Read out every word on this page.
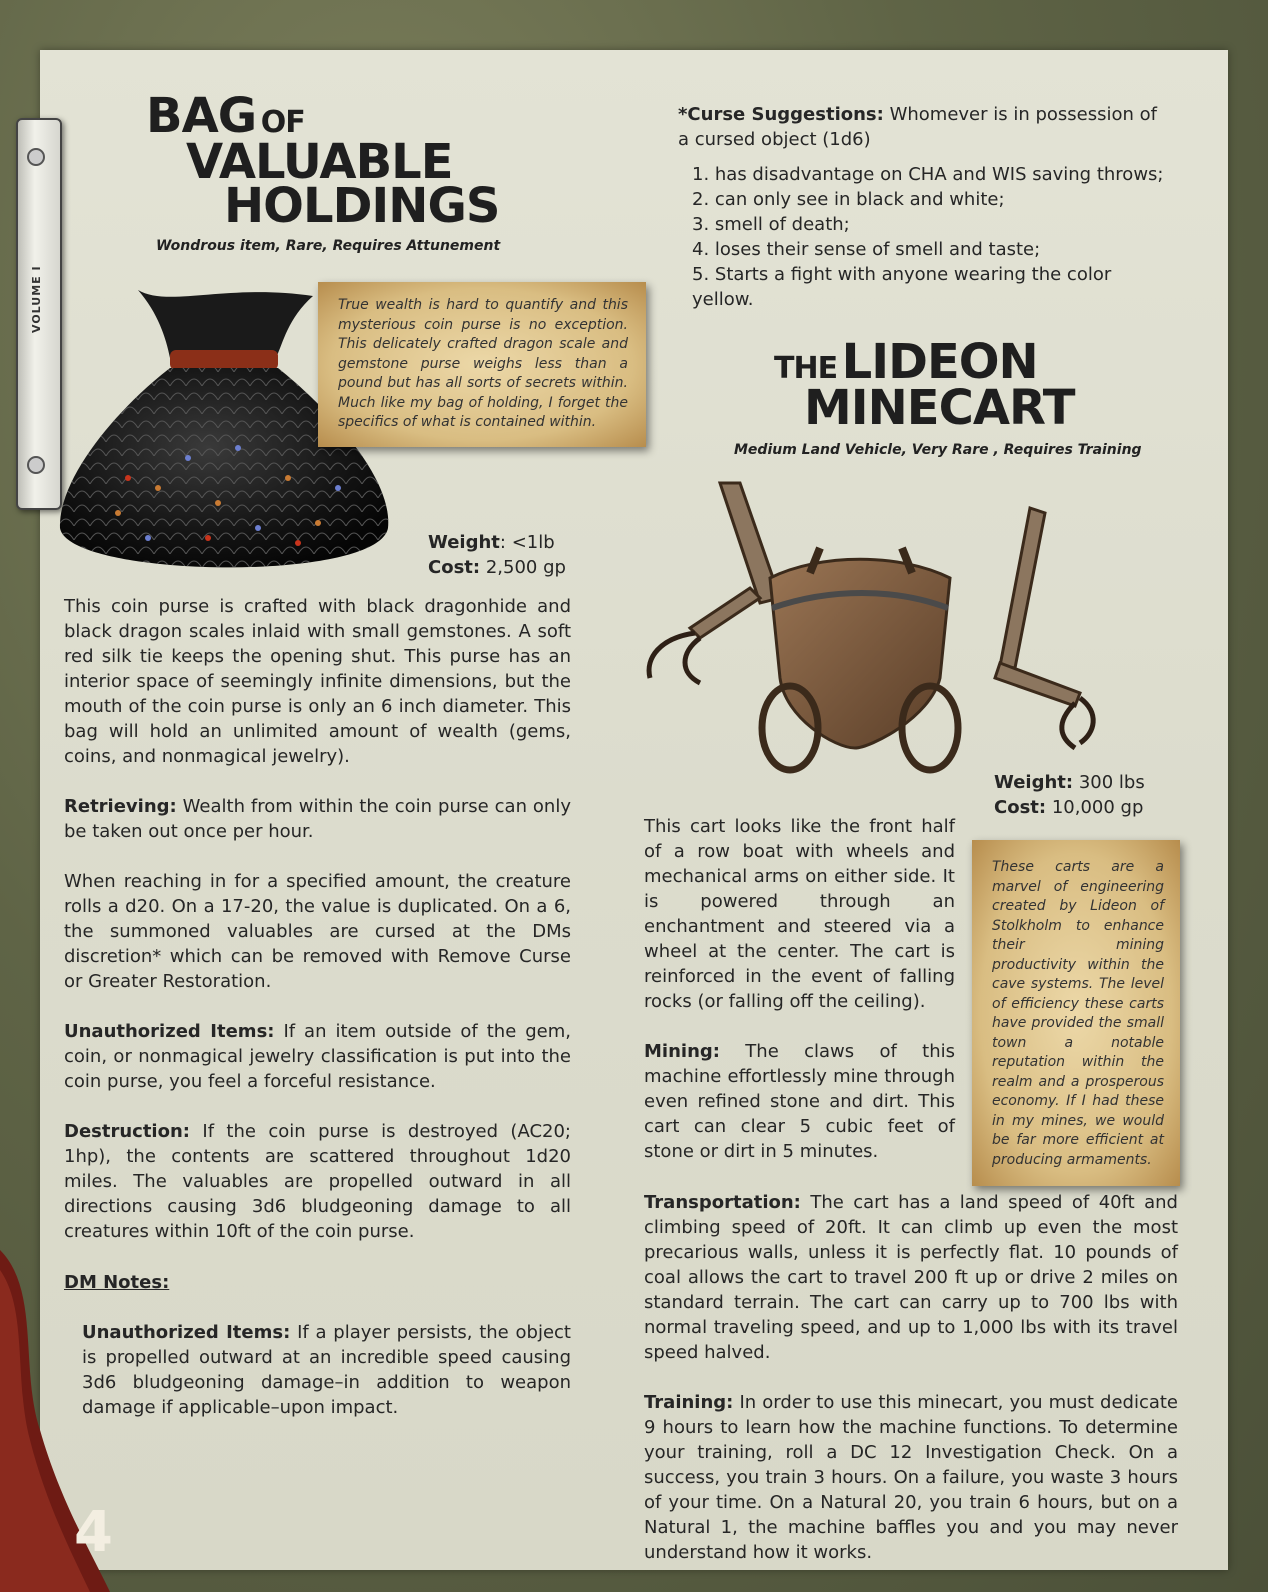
VOLUME I
4
BAG OF
VALUABLE
HOLDINGS
Wondrous item, Rare, Requires Attunement
True wealth is hard to quantify and this mysterious coin purse is no exception. This delicately crafted dragon scale and gemstone purse weighs less than a pound but has all sorts of secrets within. Much like my bag of holding, I forget the specifics of what is contained within.
Weight: <1lb
Cost: 2,500 gp

This coin purse is crafted with black dragonhide and black dragon scales inlaid with small gemstones. A soft red silk tie keeps the opening shut. This purse has an interior space of seemingly infinite dimensions, but the mouth of the coin purse is only an 6 inch diameter. This bag will hold an unlimited amount of wealth (gems, coins, and nonmagical jewelry).

Retrieving: Wealth from within the coin purse can only be taken out once per hour.

When reaching in for a specified amount, the creature rolls a d20. On a 17-20, the value is duplicated. On a 6, the summoned valuables are cursed at the DMs discretion* which can be removed with Remove Curse or Greater Restoration.

Unauthorized Items: If an item outside of the gem, coin, or nonmagical jewelry classification is put into the coin purse, you feel a forceful resistance.

Destruction: If the coin purse is destroyed (AC20; 1hp), the contents are scattered throughout 1d20 miles. The valuables are propelled outward in all directions causing 3d6 bludgeoning damage to all creatures within 10ft of the coin purse.

DM Notes:
Unauthorized Items: If a player persists, the object is propelled outward at an incredible speed causing 3d6 bludgeoning damage–in addition to weapon damage if applicable–upon impact.
*Curse Suggestions: Whomever is in possession of a cursed object (1d6)
1. has disadvantage on CHA and WIS saving throws;
2. can only see in black and white;
3. smell of death;
4. loses their sense of smell and taste;
5. Starts a fight with anyone wearing the color yellow.
THE LIDEON
MINECART
Medium Land Vehicle, Very Rare , Requires Training
Weight: 300 lbs
Cost: 10,000 gp

This cart looks like the front half of a row boat with wheels and mechanical arms on either side. It is powered through an enchantment and steered via a wheel at the center. The cart is reinforced in the event of falling rocks (or falling off the ceiling).

Mining: The claws of this machine effortlessly mine through even refined stone and dirt. This cart can clear 5 cubic feet of stone or dirt in 5 minutes.

These carts are a marvel of engineering created by Lideon of Stolkholm to enhance their mining productivity within the cave systems. The level of efficiency these carts have provided the small town a notable reputation within the realm and a prosperous economy. If I had these in my mines, we would be far more efficient at producing armaments.

Transportation: The cart has a land speed of 40ft and climbing speed of 20ft. It can climb up even the most precarious walls, unless it is perfectly flat. 10 pounds of coal allows the cart to travel 200 ft up or drive 2 miles on standard terrain. The cart can carry up to 700 lbs with normal traveling speed, and up to 1,000 lbs with its travel speed halved.

Training: In order to use this minecart, you must dedicate 9 hours to learn how the machine functions. To determine your training, roll a DC 12 Investigation Check. On a success, you train 3 hours. On a failure, you waste 3 hours of your time. On a Natural 20, you train 6 hours, but on a Natural 1, the machine baffles you and you may never understand how it works.
